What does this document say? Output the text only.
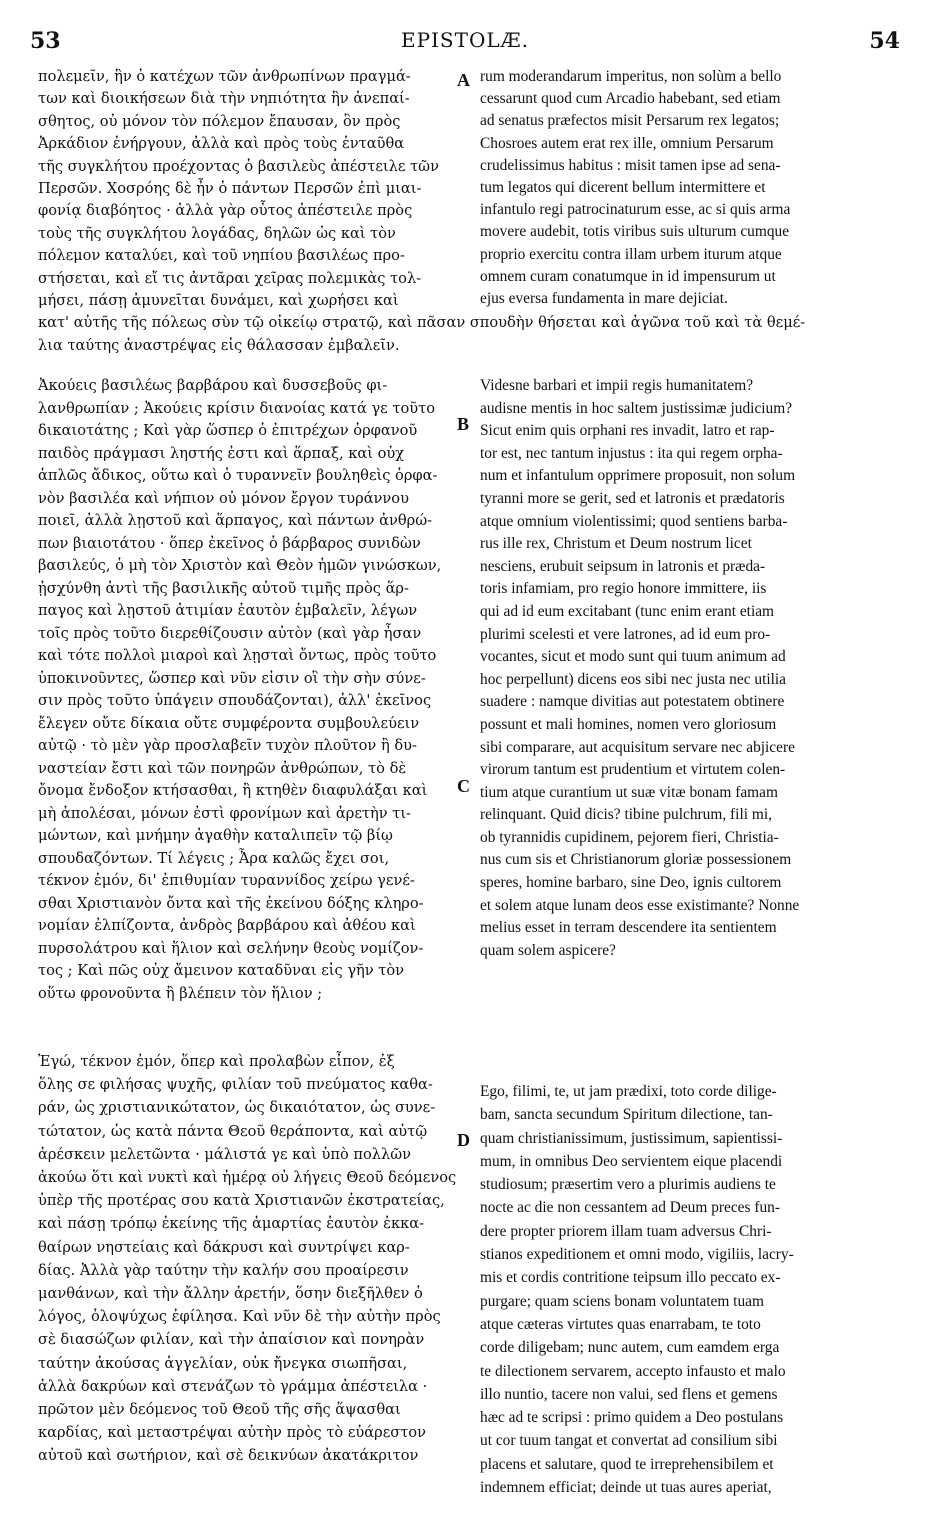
53	EPISTOLÆ.	54
A
B
C
D
πολεμεῖν, ἣν ὁ κατέχων τῶν ἀνθρωπίνων πραγμά-
των καὶ διοικήσεων διὰ τὴν νηπιότητα ἣν ἀνεπαί-
σθητος, οὐ μόνον τὸν πόλεμον ἔπαυσαν, ὃν πρὸς
Ἀρκάδιον ἐνήργουν, ἀλλὰ καὶ πρὸς τοὺς ἐνταῦθα
τῆς συγκλήτου προέχοντας ὁ βασιλεὺς ἀπέστειλε τῶν
Περσῶν. Χοσρόης δὲ ἦν ὁ πάντων Περσῶν ἐπὶ μιαι-
φονίᾳ διαβόητος · ἀλλὰ γὰρ οὗτος ἀπέστειλε πρὸς
τοὺς τῆς συγκλήτου λογάδας, δηλῶν ὡς καὶ τὸν
πόλεμον καταλύει, καὶ τοῦ νηπίου βασιλέως προ-
στήσεται, καὶ εἴ τις ἀντᾶραι χεῖρας πολεμικὰς τολ-
μήσει, πάσῃ ἀμυνεῖται δυνάμει, καὶ χωρήσει καὶ
κατ' αὐτῆς τῆς πόλεως σὺν τῷ οἰκείῳ στρατῷ, καὶ πᾶσαν σπουδὴν θήσεται καὶ ἀγῶνα τοῦ καὶ τὰ θεμέ-
λια ταύτης ἀναστρέψας εἰς θάλασσαν ἐμβαλεῖν.
rum moderandarum imperitus, non solùm a bello
cessarunt quod cum Arcadio habebant, sed etiam
ad senatus præfectos misit Persarum rex legatos;
Chosroes autem erat rex ille, omnium Persarum
crudelissimus habitus : misit tamen ipse ad sena-
tum legatos qui dicerent bellum intermittere et
infantulo regi patrocinaturum esse, ac si quis arma
movere audebit, totis viribus suis ulturum cumque
proprio exercitu contra illam urbem iturum atque
omnem curam conatumque in id impensurum ut
ejus eversa fundamenta in mare dejiciat.
Ἀκούεις βασιλέως βαρβάρου καὶ δυσσεβοῦς φι-
λανθρωπίαν ; Ἀκούεις κρίσιν διανοίας κατά γε τοῦτο
δικαιοτάτης ; Καὶ γὰρ ὥσπερ ὁ ἐπιτρέχων ὀρφανοῦ
παιδὸς πράγμασι ληστής ἐστι καὶ ἅρπαξ, καὶ οὐχ
ἁπλῶς ἄδικος, οὕτω καὶ ὁ τυραννεῖν βουληθεὶς ὀρφα-
νὸν βασιλέα καὶ νήπιον οὐ μόνον ἔργον τυράννου
ποιεῖ, ἀλλὰ λῃστοῦ καὶ ἅρπαγος, καὶ πάντων ἀνθρώ-
πων βιαιοτάτου · ὅπερ ἐκεῖνος ὁ βάρβαρος συνιδὼν
βασιλεύς, ὁ μὴ τὸν Χριστὸν καὶ Θεὸν ἡμῶν γινώσκων,
ᾐσχύνθη ἀντὶ τῆς βασιλικῆς αὐτοῦ τιμῆς πρὸς ἅρ-
παγος καὶ λῃστοῦ ἀτιμίαν ἑαυτὸν ἐμβαλεῖν, λέγων
τοῖς πρὸς τοῦτο διερεθίζουσιν αὐτὸν (καὶ γὰρ ἦσαν
καὶ τότε πολλοὶ μιαροὶ καὶ λῃσταὶ ὄντως, πρὸς τοῦτο
ὑποκινοῦντες, ὥσπερ καὶ νῦν εἰσιν οἳ τὴν σὴν σύνε-
σιν πρὸς τοῦτο ὑπάγειν σπουδάζονται), ἀλλ' ἐκεῖνος
ἔλεγεν οὔτε δίκαια οὔτε συμφέροντα συμβουλεύειν
αὐτῷ · τὸ μὲν γὰρ προσλαβεῖν τυχὸν πλοῦτον ἢ δυ-
ναστείαν ἔστι καὶ τῶν πονηρῶν ἀνθρώπων, τὸ δὲ
ὄνομα ἔνδοξον κτήσασθαι, ἢ κτηθὲν διαφυλάξαι καὶ
μὴ ἀπολέσαι, μόνων ἐστὶ φρονίμων καὶ ἀρετὴν τι-
μώντων, καὶ μνήμην ἀγαθὴν καταλιπεῖν τῷ βίῳ
σπουδαζόντων. Τί λέγεις ; Ἆρα καλῶς ἔχει σοι,
τέκνον ἐμόν, δι' ἐπιθυμίαν τυραννίδος χείρω γενέ-
σθαι Χριστιανὸν ὄντα καὶ τῆς ἐκείνου δόξης κληρο-
νομίαν ἐλπίζοντα, ἀνδρὸς βαρβάρου καὶ ἀθέου καὶ
πυρσολάτρου καὶ ἥλιον καὶ σελήνην θεοὺς νομίζον-
τος ; Καὶ πῶς οὐχ ἄμεινον καταδῦναι εἰς γῆν τὸν
οὕτω φρονοῦντα ἢ βλέπειν τὸν ἥλιον ;
Videsne barbari et impii regis humanitatem?
audisne mentis in hoc saltem justissimæ judicium?
Sicut enim quis orphani res invadit, latro et rap-
tor est, nec tantum injustus : ita qui regem orpha-
num et infantulum opprimere proposuit, non solum
tyranni more se gerit, sed et latronis et prædatoris
atque omnium violentissimi; quod sentiens barba-
rus ille rex, Christum et Deum nostrum licet
nesciens, erubuit seipsum in latronis et præda-
toris infamiam, pro regio honore immittere, iis
qui ad id eum excitabant (tunc enim erant etiam
plurimi scelesti et vere latrones, ad id eum pro-
vocantes, sicut et modo sunt qui tuum animum ad
hoc perpellunt) dicens eos sibi nec justa nec utilia
suadere : namque divitias aut potestatem obtinere
possunt et mali homines, nomen vero gloriosum
sibi comparare, aut acquisitum servare nec abjicere
virorum tantum est prudentium et virtutem colen-
tium atque curantium ut suæ vitæ bonam famam
relinquant. Quid dicis? tibine pulchrum, fili mi,
ob tyrannidis cupidinem, pejorem fieri, Christia-
nus cum sis et Christianorum gloriæ possessionem
speres, homine barbaro, sine Deo, ignis cultorem
et solem atque lunam deos esse existimante? Nonne
melius esset in terram descendere ita sentientem
quam solem aspicere?
Ἐγώ, τέκνον ἐμόν, ὅπερ καὶ προλαβὼν εἶπον, ἐξ
ὅλης σε φιλήσας ψυχῆς, φιλίαν τοῦ πνεύματος καθα-
ράν, ὡς χριστιανικώτατον, ὡς δικαιότατον, ὡς συνε-
τώτατον, ὡς κατὰ πάντα Θεοῦ θεράποντα, καὶ αὐτῷ
ἀρέσκειν μελετῶντα · μάλιστά γε καὶ ὑπὸ πολλῶν
ἀκούω ὅτι καὶ νυκτὶ καὶ ἡμέρᾳ οὐ λήγεις Θεοῦ δεόμενος
ὑπὲρ τῆς προτέρας σου κατὰ Χριστιανῶν ἐκστρατείας,
καὶ πάσῃ τρόπῳ ἐκείνης τῆς ἁμαρτίας ἑαυτὸν ἐκκα-
θαίρων νηστείαις καὶ δάκρυσι καὶ συντρίψει καρ-
δίας. Ἀλλὰ γὰρ ταύτην τὴν καλήν σου προαίρεσιν
μανθάνων, καὶ τὴν ἄλλην ἀρετήν, ὅσην διεξῆλθεν ὁ
λόγος, ὁλοψύχως ἐφίλησα. Καὶ νῦν δὲ τὴν αὐτὴν πρὸς
σὲ διασώζων φιλίαν, καὶ τὴν ἀπαίσιον καὶ πονηρὰν
ταύτην ἀκούσας ἀγγελίαν, οὐκ ἤνεγκα σιωπῆσαι,
ἀλλὰ δακρύων καὶ στενάζων τὸ γράμμα ἀπέστειλα ·
πρῶτον μὲν δεόμενος τοῦ Θεοῦ τῆς σῆς ἅψασθαι
καρδίας, καὶ μεταστρέψαι αὐτὴν πρὸς τὸ εὐάρεστον
αὐτοῦ καὶ σωτήριον, καὶ σὲ δεικνύων ἀκατάκριτον
Ego, filimi, te, ut jam prædixi, toto corde dilige-
bam, sancta secundum Spiritum dilectione, tan-
quam christianissimum, justissimum, sapientissi-
mum, in omnibus Deo servientem eique placendi
studiosum; præsertim vero a plurimis audiens te
nocte ac die non cessantem ad Deum preces fun-
dere propter priorem illam tuam adversus Chri-
stianos expeditionem et omni modo, vigiliis, lacry-
mis et cordis contritione teipsum illo peccato ex-
purgare; quam sciens bonam voluntatem tuam
atque cæteras virtutes quas enarrabam, te toto
corde diligebam; nunc autem, cum eamdem erga
te dilectionem servarem, accepto infausto et malo
illo nuntio, tacere non valui, sed flens et gemens
hæc ad te scripsi : primo quidem a Deo postulans
ut cor tuum tangat et convertat ad consilium sibi
placens et salutare, quod te irreprehensibilem et
indemnem efficiat; deinde ut tuas aures aperiat,
